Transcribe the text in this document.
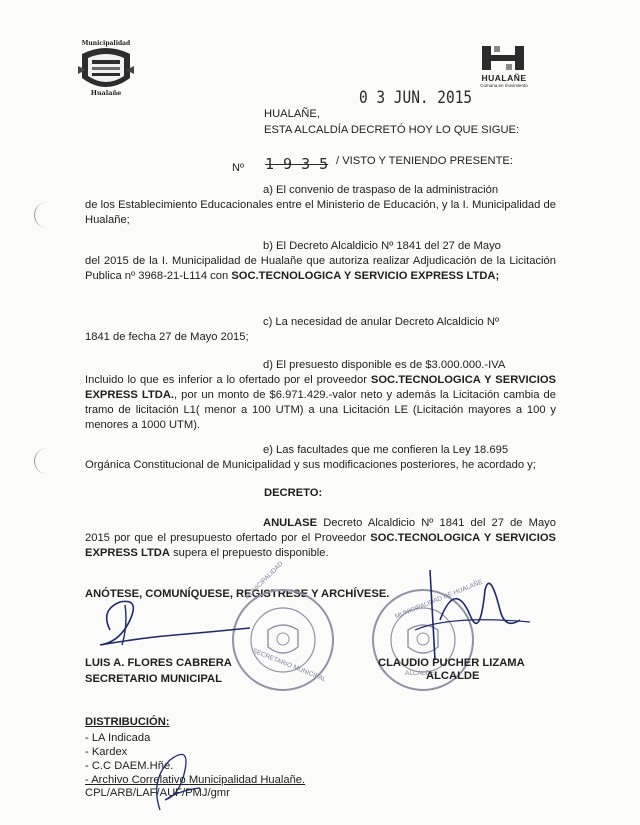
Municipalidad
Hualañe
HUALAÑE
Comuna en movimiento
0 3 JUN. 2015
HUALAÑE,
ESTA ALCALDÍA DECRETÓ HOY LO QUE SIGUE:
Nº 1 9 3 5 / VISTO Y TENIENDO PRESENTE:
a) El convenio de traspaso de la administración
de los Establecimiento Educacionales entre el Ministerio de Educación, y la I. Municipalidad de Hualañe;
b) El Decreto Alcaldicio Nº 1841 del 27 de Mayo
del 2015 de la I. Municipalidad de Hualañe que autoriza realizar Adjudicación de la Licitación Publica nº 3968-21-L114 con SOC.TECNOLOGICA Y SERVICIO EXPRESS LTDA;
c) La necesidad de anular Decreto Alcaldicio Nº
1841 de fecha 27 de Mayo 2015;
d) El presuesto disponible es de $3.000.000.-IVA
Incluido lo que es inferior a lo ofertado por el proveedor SOC.TECNOLOGICA Y SERVICIOS EXPRESS LTDA., por un monto de $6.971.429.-valor neto y además la Licitación cambia de tramo de licitación L1( menor a 100 UTM) a una Licitación LE (Licitación mayores a 100 y menores a 1000 UTM).
e) Las facultades que me confieren la Ley 18.695
Orgánica Constitucional de Municipalidad y sus modificaciones posteriores, he acordado y;
DECRETO:
ANULASE Decreto Alcaldicio Nº 1841 del 27 de Mayo 2015 por que el presupuesto ofertado por el Proveedor SOC.TECNOLOGICA Y SERVICIOS EXPRESS LTDA supera el prepuesto disponible.
ANÓTESE, COMUNÍQUESE, REGISTRESE Y ARCHÍVESE.
MUNICIPALIDAD
SECRETARIO MUNICIPAL
MUNICIPALIDAD DE HUALAÑE
ALCALDE
LUIS A. FLORES CABRERA
SECRETARIO MUNICIPAL
CLAUDIO PUCHER LIZAMA
ALCALDE
DISTRIBUCIÓN:
- LA Indicada
- Kardex
- C.C DAEM.Hñe.
- Archivo Correlativo Municipalidad Hualañe.
CPL/ARB/LAF/AUF/PMJ/gmr
